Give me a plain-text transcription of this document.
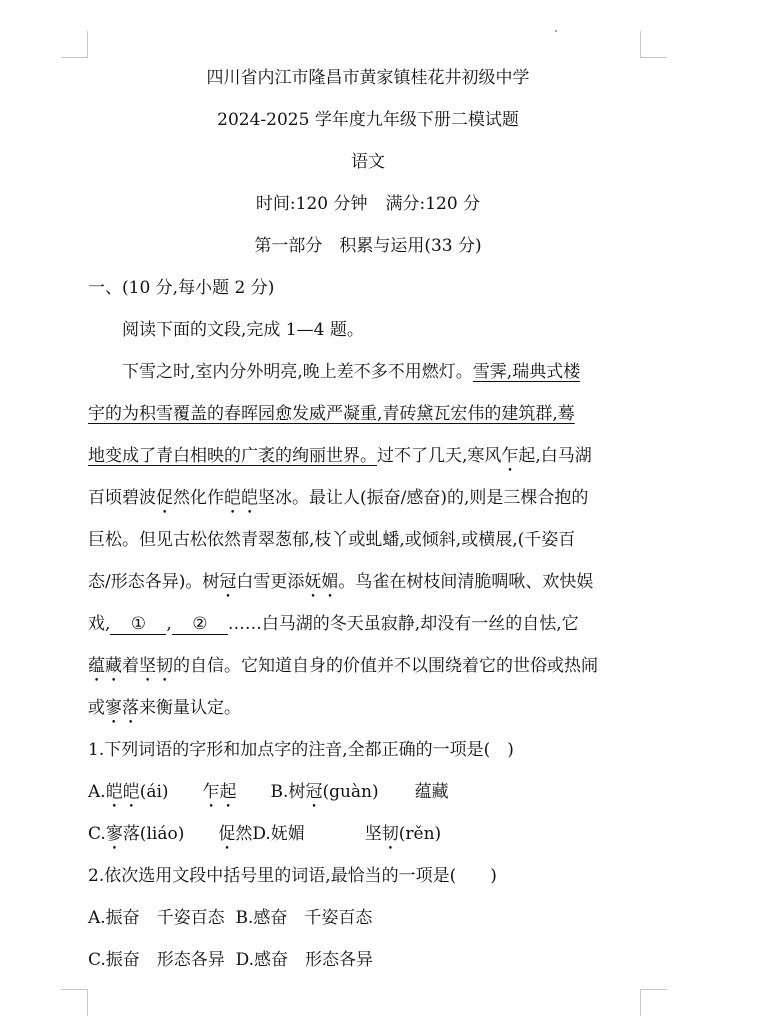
四川省内江市隆昌市黄家镇桂花井初级中学
2024-2025 学年度九年级下册二模试题
语文
时间:120 分钟 满分:120 分
第一部分　积累与运用(33 分)
一、(10 分,每小题 2 分)
阅读下面的文段,完成 1—4 题。
下雪之时,室内分外明亮,晚上差不多不用燃灯。雪霁,瑞典式楼
宇的为积雪覆盖的春晖园愈发威严凝重,青砖黛瓦宏伟的建筑群,蓦
地变成了青白相映的广袤的绚丽世界。过不了几天,寒风乍起,白马湖
百顷碧波促然化作皑皑坚冰。最让人(振奋/感奋)的,则是三棵合抱的
巨松。但见古松依然青翠葱郁,枝丫或虬蟠,或倾斜,或横展,(千姿百
态/形态各异)。树冠白雪更添妩媚。鸟雀在树枝间清脆啁啾、欢快娱
戏, ① , ② ……白马湖的冬天虽寂静,却没有一丝的自怯,它
蕴藏着坚韧的自信。它知道自身的价值并不以围绕着它的世俗或热闹
或寥落来衡量认定。
1.下列词语的字形和加点字的注音,全都正确的一项是(　)
A.皑皑(ái) 乍起 B.树冠(guàn) 蕴藏
C.寥落(liáo) 促然D.妩媚	坚韧(rěn)
2.依次选用文段中括号里的词语,最恰当的一项是(　　)
A.振奋　千姿百态 B.感奋　千姿百态
C.振奋　形态各异 D.感奋　形态各异
